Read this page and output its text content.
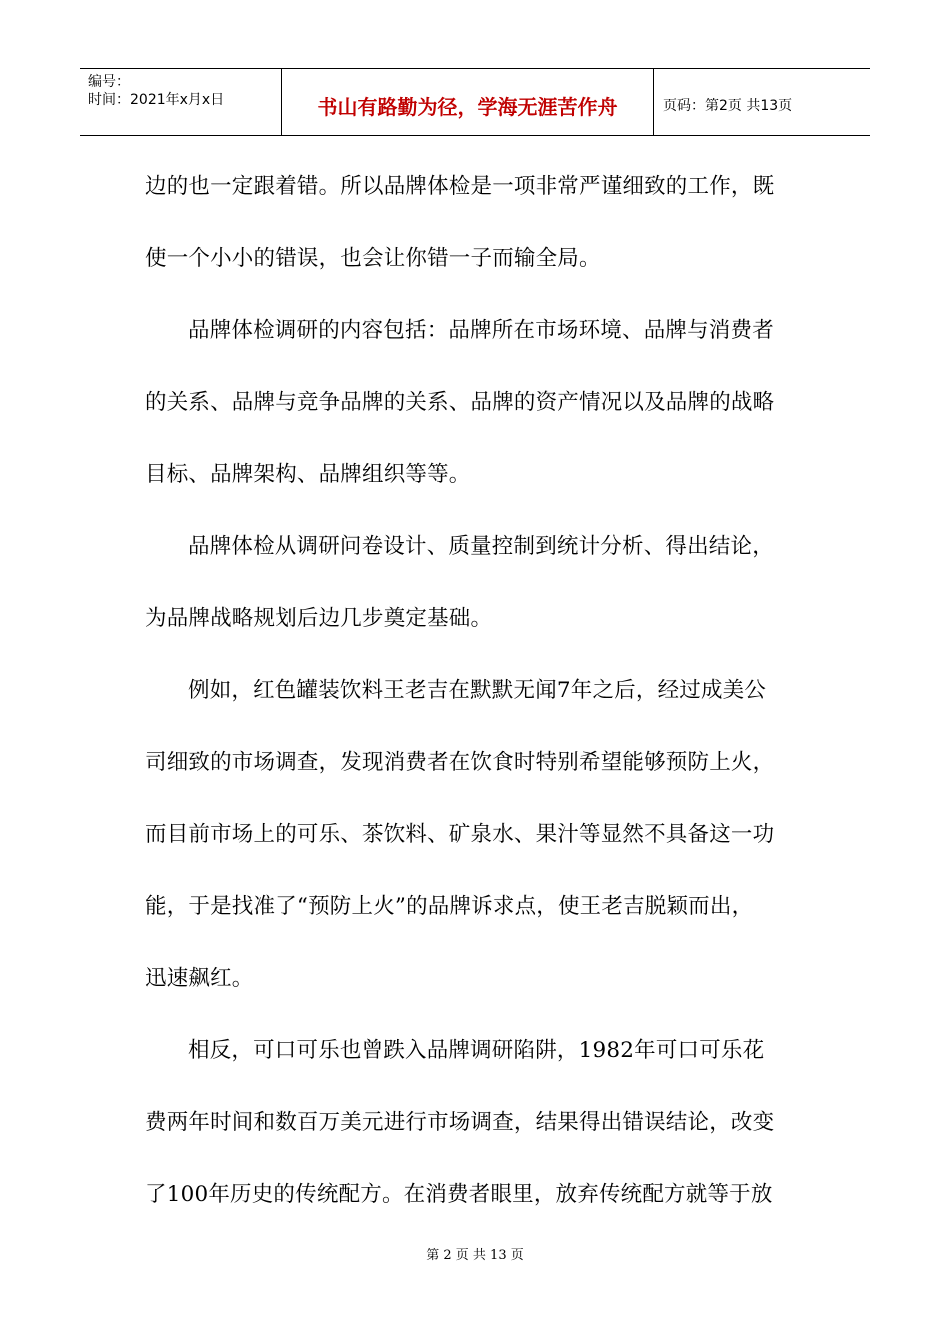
编号：
时间：2021年x月x日	书山有路勤为径，学海无涯苦作舟	页码：第2页 共13页
边的也一定跟着错。所以品牌体检是一项非常严谨细致的工作，既
使一个小小的错误，也会让你错一子而输全局。
品牌体检调研的内容包括：品牌所在市场环境、品牌与消费者
的关系、品牌与竞争品牌的关系、品牌的资产情况以及品牌的战略
目标、品牌架构、品牌组织等等。
品牌体检从调研问卷设计、质量控制到统计分析、得出结论，
为品牌战略规划后边几步奠定基础。
例如，红色罐装饮料王老吉在默默无闻7年之后，经过成美公
司细致的市场调查，发现消费者在饮食时特别希望能够预防上火，
而目前市场上的可乐、茶饮料、矿泉水、果汁等显然不具备这一功
能，于是找准了“预防上火”的品牌诉求点，使王老吉脱颖而出，
迅速飙红。
相反，可口可乐也曾跌入品牌调研陷阱，1982年可口可乐花
费两年时间和数百万美元进行市场调查，结果得出错误结论，改变
了100年历史的传统配方。在消费者眼里，放弃传统配方就等于放
第 2 页 共 13 页
